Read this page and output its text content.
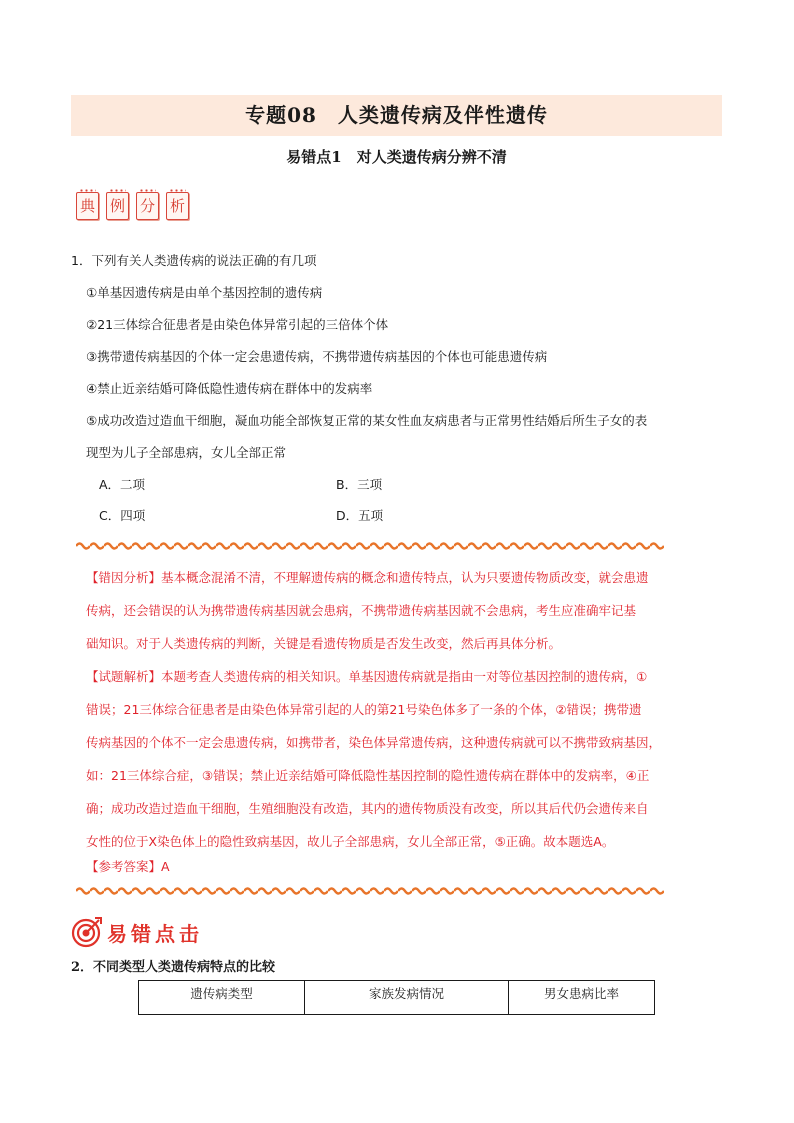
专题08　人类遗传病及伴性遗传
易错点1　对人类遗传病分辨不清
典 例 分 析
1．下列有关人类遗传病的说法正确的有几项
①单基因遗传病是由单个基因控制的遗传病
②21三体综合征患者是由染色体异常引起的三倍体个体
③携带遗传病基因的个体一定会患遗传病，不携带遗传病基因的个体也可能患遗传病
④禁止近亲结婚可降低隐性遗传病在群体中的发病率
⑤成功改造过造血干细胞，凝血功能全部恢复正常的某女性血友病患者与正常男性结婚后所生子女的表
现型为儿子全部患病，女儿全部正常
A．二项	B．三项
C．四项	D．五项
【错因分析】基本概念混淆不清，不理解遗传病的概念和遗传特点，认为只要遗传物质改变，就会患遗
传病，还会错误的认为携带遗传病基因就会患病，不携带遗传病基因就不会患病，考生应准确牢记基
础知识。对于人类遗传病的判断，关键是看遗传物质是否发生改变，然后再具体分析。
【试题解析】本题考查人类遗传病的相关知识。单基因遗传病就是指由一对等位基因控制的遗传病，①
错误；21三体综合征患者是由染色体异常引起的人的第21号染色体多了一条的个体，②错误；携带遗
传病基因的个体不一定会患遗传病，如携带者，染色体异常遗传病，这种遗传病就可以不携带致病基因，
如：21三体综合症，③错误；禁止近亲结婚可降低隐性基因控制的隐性遗传病在群体中的发病率，④正
确；成功改造过造血干细胞，生殖细胞没有改造，其内的遗传物质没有改变，所以其后代仍会遗传来自
女性的位于X染色体上的隐性致病基因，故儿子全部患病，女儿全部正常，⑤正确。故本题选A。
【参考答案】A
易错点击
2．不同类型人类遗传病特点的比较
遗传病类型	家族发病情况	男女患病比率
